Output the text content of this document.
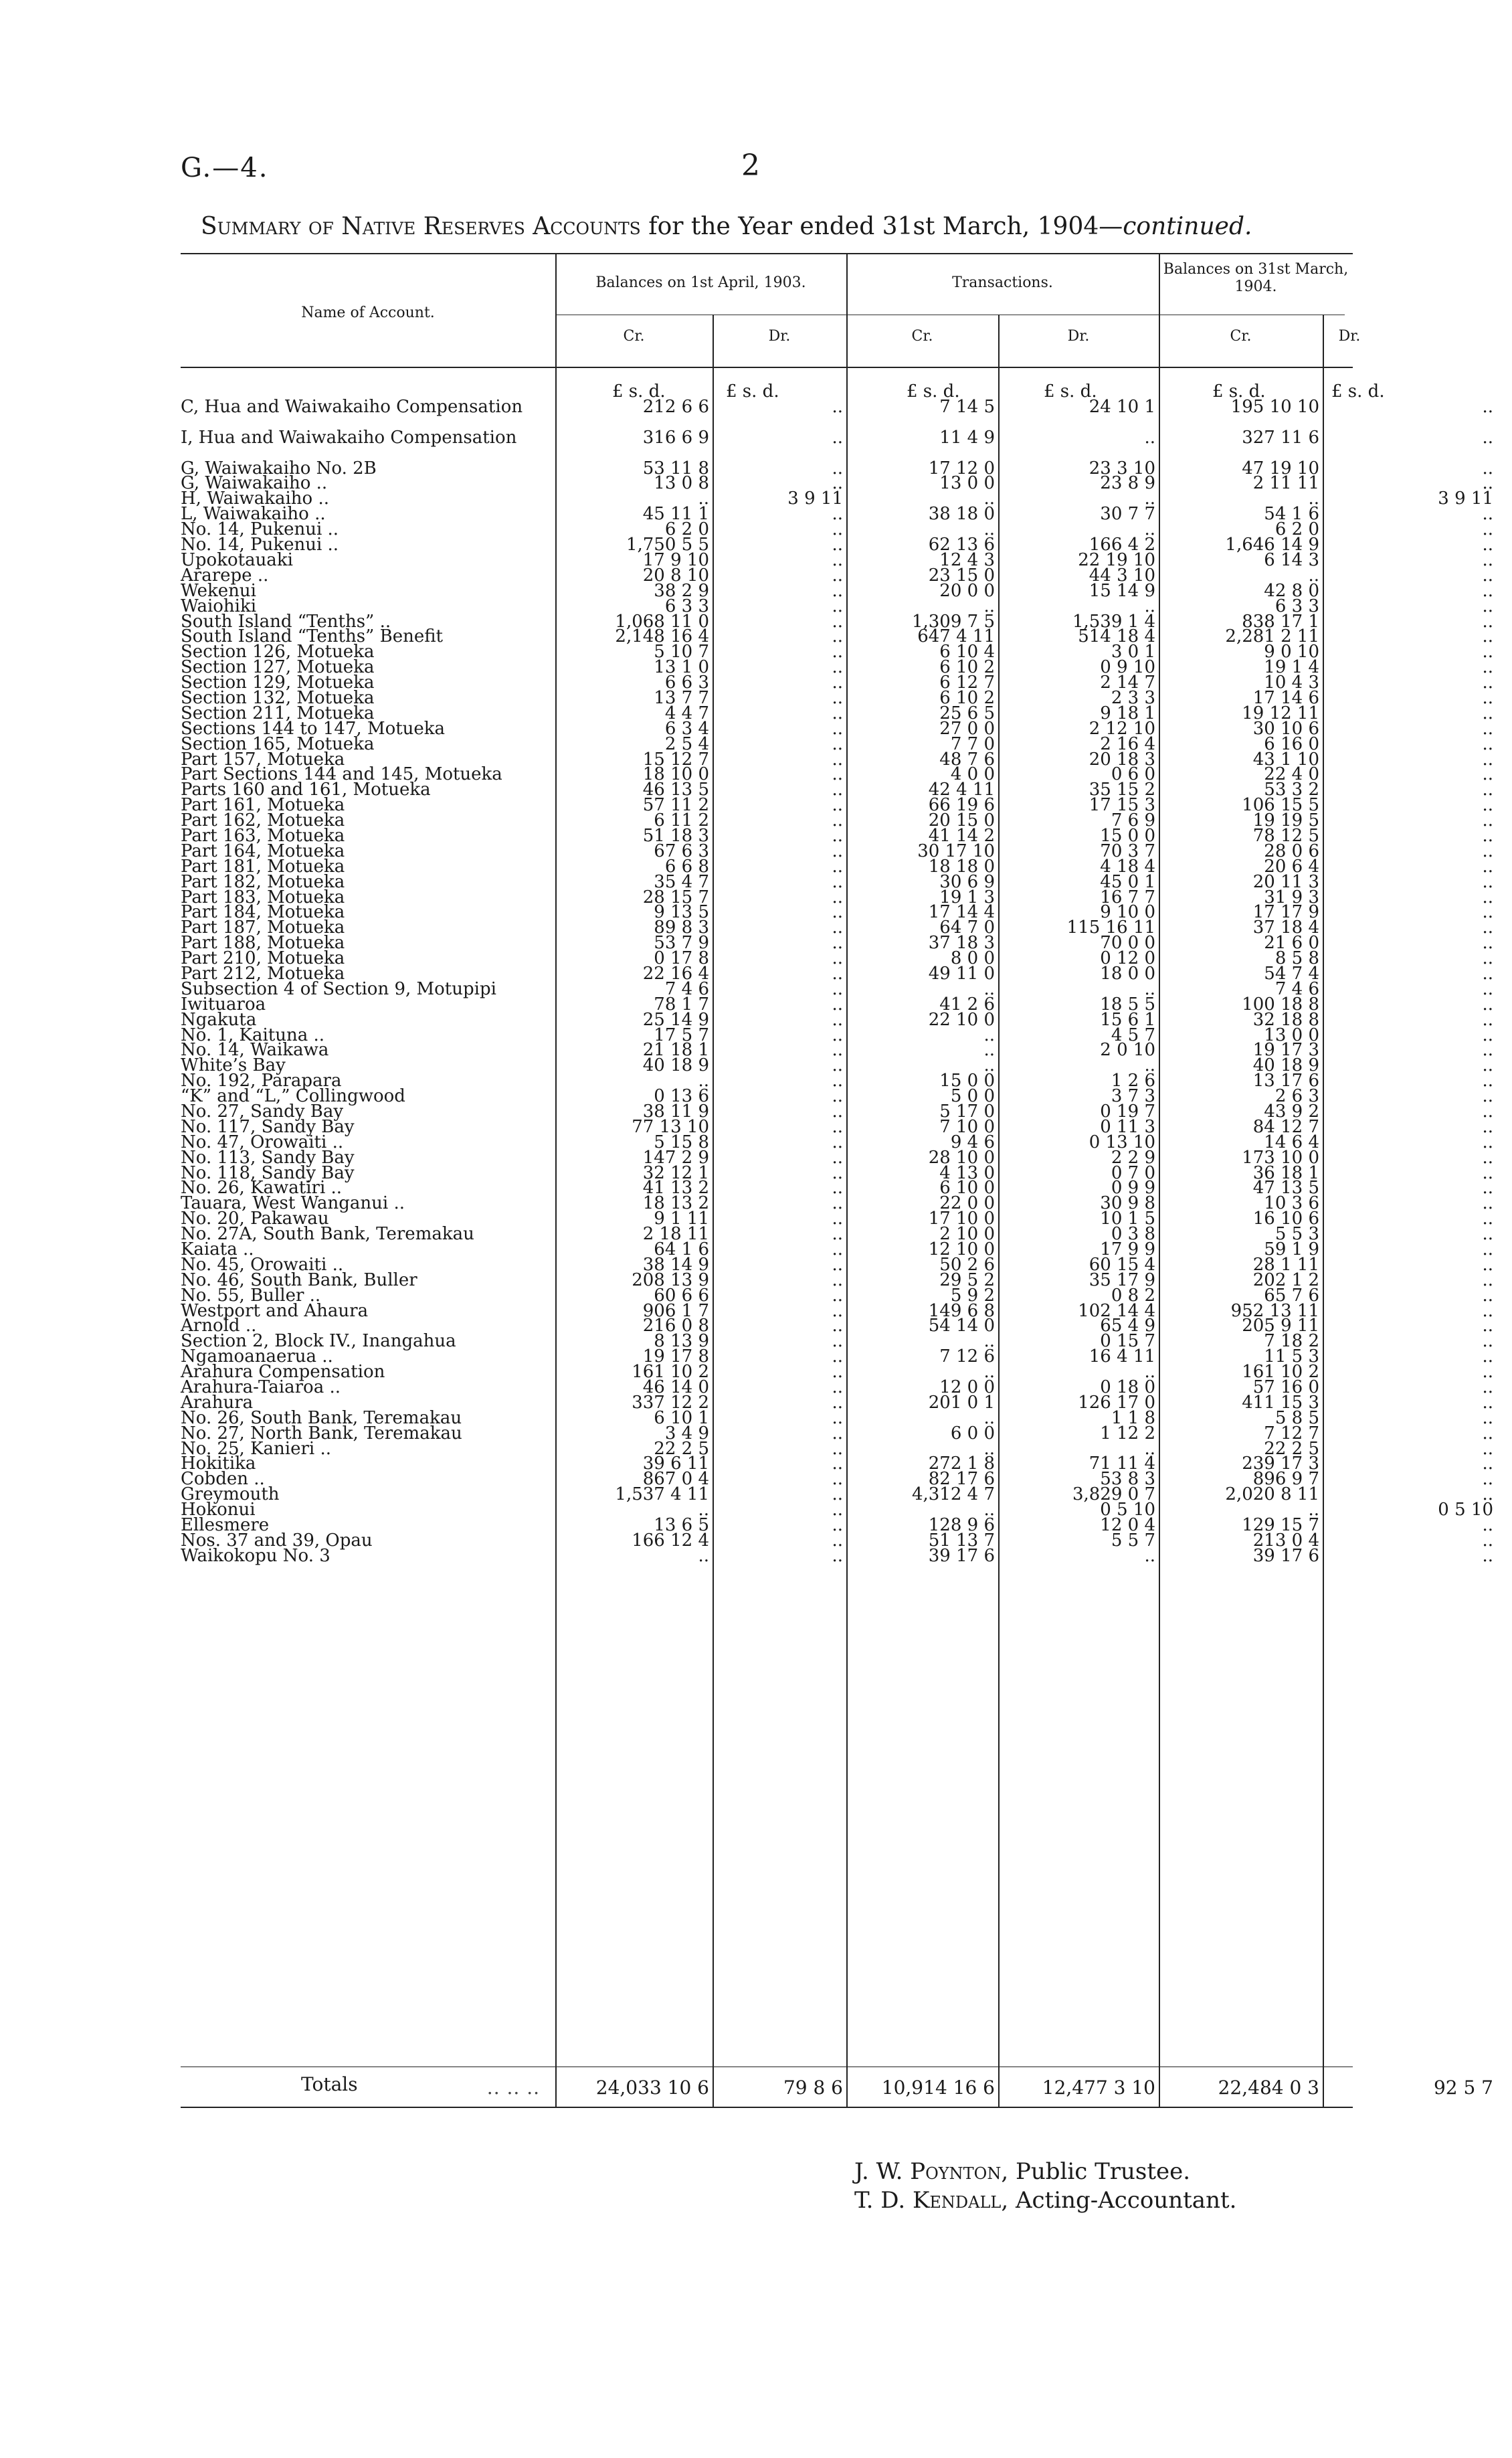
G.—4.	2
Summary of Native Reserves Accounts for the Year ended 31st March, 1904—continued.
Name of Account.
Balances on 1st April, 1903.	Transactions.
Balances on 31st March, 1904.
Cr.	Dr.	Cr.	Dr.	Cr.	Dr.
£ s. d.	£ s. d.	£ s. d.	£ s. d.	£ s. d.	£ s. d.
C, Hua and Waiwakaiho Compensation	212 6 6	..	7 14 5	24 10 1	195 10 10	..
I, Hua and Waiwakaiho Compensation	316 6 9	..	11 4 9	..	327 11 6	..
G, Waiwakaiho No. 2B	53 11 8	..	17 12 0	23 3 10	47 19 10	..
G, Waiwakaiho ..	13 0 8	..	13 0 0	23 8 9	2 11 11	..
H, Waiwakaiho ..	..	3 9 11	..	..	..	3 9 11
L, Waiwakaiho ..	45 11 1	..	38 18 0	30 7 7	54 1 6	..
No. 14, Pukenui ..	6 2 0	..	..	..	6 2 0	..
No. 14, Pukenui ..	1,750 5 5	..	62 13 6	166 4 2	1,646 14 9	..
Upokotauaki	17 9 10	..	12 4 3	22 19 10	6 14 3	..
Ararepe ..	20 8 10	..	23 15 0	44 3 10	..	..
Wekenui	38 2 9	..	20 0 0	15 14 9	42 8 0	..
Waiohiki	6 3 3	..	..	..	6 3 3	..
South Island “Tenths” ..	1,068 11 0	..	1,309 7 5	1,539 1 4	838 17 1	..
South Island “Tenths” Benefit	2,148 16 4	..	647 4 11	514 18 4	2,281 2 11	..
Section 126, Motueka	5 10 7	..	6 10 4	3 0 1	9 0 10	..
Section 127, Motueka	13 1 0	..	6 10 2	0 9 10	19 1 4	..
Section 129, Motueka	6 6 3	..	6 12 7	2 14 7	10 4 3	..
Section 132, Motueka	13 7 7	..	6 10 2	2 3 3	17 14 6	..
Section 211, Motueka	4 4 7	..	25 6 5	9 18 1	19 12 11	..
Sections 144 to 147, Motueka	6 3 4	..	27 0 0	2 12 10	30 10 6	..
Section 165, Motueka	2 5 4	..	7 7 0	2 16 4	6 16 0	..
Part 157, Motueka	15 12 7	..	48 7 6	20 18 3	43 1 10	..
Part Sections 144 and 145, Motueka	18 10 0	..	4 0 0	0 6 0	22 4 0	..
Parts 160 and 161, Motueka	46 13 5	..	42 4 11	35 15 2	53 3 2	..
Part 161, Motueka	57 11 2	..	66 19 6	17 15 3	106 15 5	..
Part 162, Motueka	6 11 2	..	20 15 0	7 6 9	19 19 5	..
Part 163, Motueka	51 18 3	..	41 14 2	15 0 0	78 12 5	..
Part 164, Motueka	67 6 3	..	30 17 10	70 3 7	28 0 6	..
Part 181, Motueka	6 6 8	..	18 18 0	4 18 4	20 6 4	..
Part 182, Motueka	35 4 7	..	30 6 9	45 0 1	20 11 3	..
Part 183, Motueka	28 15 7	..	19 1 3	16 7 7	31 9 3	..
Part 184, Motueka	9 13 5	..	17 14 4	9 10 0	17 17 9	..
Part 187, Motueka	89 8 3	..	64 7 0	115 16 11	37 18 4	..
Part 188, Motueka	53 7 9	..	37 18 3	70 0 0	21 6 0	..
Part 210, Motueka	0 17 8	..	8 0 0	0 12 0	8 5 8	..
Part 212, Motueka	22 16 4	..	49 11 0	18 0 0	54 7 4	..
Subsection 4 of Section 9, Motupipi	7 4 6	..	..	..	7 4 6	..
Iwituaroa	78 1 7	..	41 2 6	18 5 5	100 18 8	..
Ngakuta	25 14 9	..	22 10 0	15 6 1	32 18 8	..
No. 1, Kaituna ..	17 5 7	..	..	4 5 7	13 0 0	..
No. 14, Waikawa	21 18 1	..	..	2 0 10	19 17 3	..
White’s Bay	40 18 9	..	..	..	40 18 9	..
No. 192, Parapara	..	..	15 0 0	1 2 6	13 17 6	..
“K” and “L,” Collingwood	0 13 6	..	5 0 0	3 7 3	2 6 3	..
No. 27, Sandy Bay	38 11 9	..	5 17 0	0 19 7	43 9 2	..
No. 117, Sandy Bay	77 13 10	..	7 10 0	0 11 3	84 12 7	..
No. 47, Orowaiti ..	5 15 8	..	9 4 6	0 13 10	14 6 4	..
No. 113, Sandy Bay	147 2 9	..	28 10 0	2 2 9	173 10 0	..
No. 118, Sandy Bay	32 12 1	..	4 13 0	0 7 0	36 18 1	..
No. 26, Kawatiri ..	41 13 2	..	6 10 0	0 9 9	47 13 5	..
Tauara, West Wanganui ..	18 13 2	..	22 0 0	30 9 8	10 3 6	..
No. 20, Pakawau	9 1 11	..	17 10 0	10 1 5	16 10 6	..
No. 27A, South Bank, Teremakau	2 18 11	..	2 10 0	0 3 8	5 5 3	..
Kaiata ..	64 1 6	..	12 10 0	17 9 9	59 1 9	..
No. 45, Orowaiti ..	38 14 9	..	50 2 6	60 15 4	28 1 11	..
No. 46, South Bank, Buller	208 13 9	..	29 5 2	35 17 9	202 1 2	..
No. 55, Buller ..	60 6 6	..	5 9 2	0 8 2	65 7 6	..
Westport and Ahaura	906 1 7	..	149 6 8	102 14 4	952 13 11	..
Arnold ..	216 0 8	..	54 14 0	65 4 9	205 9 11	..
Section 2, Block IV., Inangahua	8 13 9	..	..	0 15 7	7 18 2	..
Ngamoanaerua ..	19 17 8	..	7 12 6	16 4 11	11 5 3	..
Arahura Compensation	161 10 2	..	..	..	161 10 2	..
Arahura-Taiaroa ..	46 14 0	..	12 0 0	0 18 0	57 16 0	..
Arahura	337 12 2	..	201 0 1	126 17 0	411 15 3	..
No. 26, South Bank, Teremakau	6 10 1	..	..	1 1 8	5 8 5	..
No. 27, North Bank, Teremakau	3 4 9	..	6 0 0	1 12 2	7 12 7	..
No. 25, Kanieri ..	22 2 5	..	..	..	22 2 5	..
Hokitika	39 6 11	..	272 1 8	71 11 4	239 17 3	..
Cobden ..	867 0 4	..	82 17 6	53 8 3	896 9 7	..
Greymouth	1,537 4 11	..	4,312 4 7	3,829 0 7	2,020 8 11	..
Hokonui	..	..	..	0 5 10	..	0 5 10
Ellesmere	13 6 5	..	128 9 6	12 0 4	129 15 7	..
Nos. 37 and 39, Opau	166 12 4	..	51 13 7	5 5 7	213 0 4	..
Waikokopu No. 3	..	..	39 17 6	..	39 17 6	..
Totals	24,033 10 6	79 8 6	10,914 16 6	12,477 3 10	22,484 0 3	92 5 7
J. W. Poynton, Public Trustee.
T. D. Kendall, Acting-Accountant.
